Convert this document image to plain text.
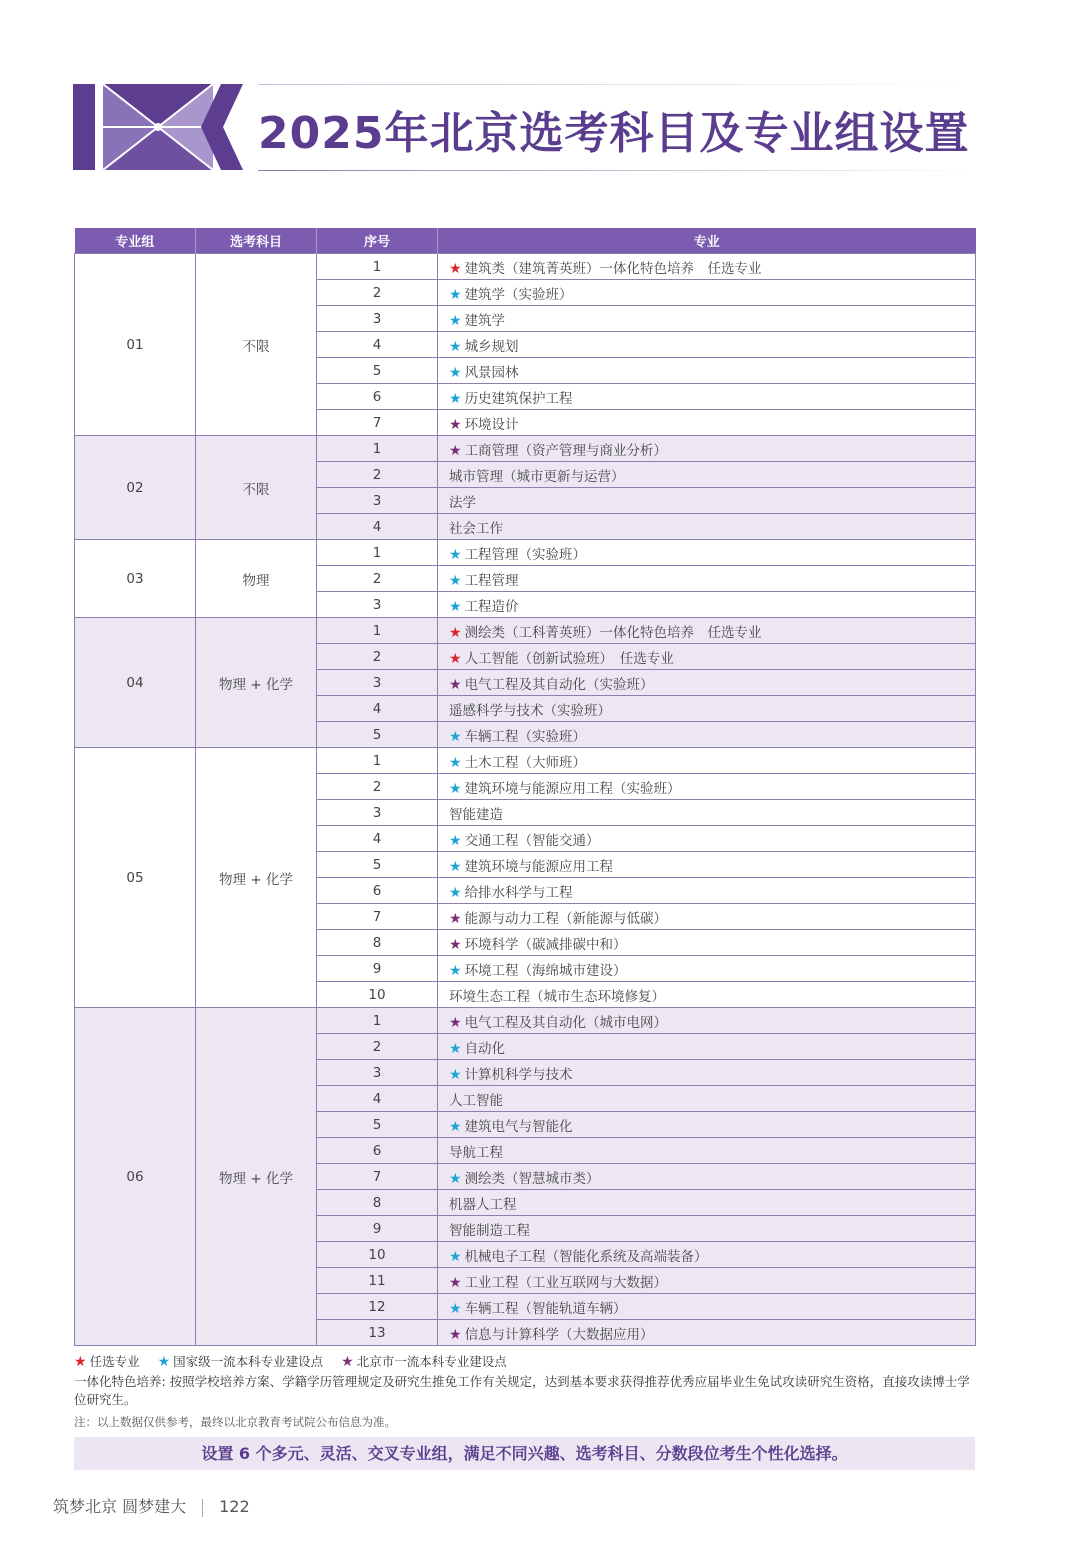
2025年北京选考科目及专业组设置
专业组	选考科目	序号	专业
01	不限	1	★ 建筑类（建筑菁英班）一体化特色培养　任选专业
		2	★ 建筑学（实验班）
		3	★ 建筑学
		4	★ 城乡规划
		5	★ 风景园林
		6	★ 历史建筑保护工程
		7	★ 环境设计
02	不限	1	★ 工商管理（资产管理与商业分析）
		2	城市管理（城市更新与运营）
		3	法学
		4	社会工作
03	物理	1	★ 工程管理（实验班）
		2	★ 工程管理
		3	★ 工程造价
04	物理 + 化学	1	★ 测绘类（工科菁英班）一体化特色培养　任选专业
		2	★ 人工智能（创新试验班）　任选专业
		3	★ 电气工程及其自动化（实验班）
		4	遥感科学与技术（实验班）
		5	★ 车辆工程（实验班）
05	物理 + 化学	1	★ 土木工程（大师班）
		2	★ 建筑环境与能源应用工程（实验班）
		3	智能建造
		4	★ 交通工程（智能交通）
		5	★ 建筑环境与能源应用工程
		6	★ 给排水科学与工程
		7	★ 能源与动力工程（新能源与低碳）
		8	★ 环境科学（碳减排碳中和）
		9	★ 环境工程（海绵城市建设）
		10	环境生态工程（城市生态环境修复）
06	物理 + 化学	1	★ 电气工程及其自动化（城市电网）
		2	★ 自动化
		3	★ 计算机科学与技术
		4	人工智能
		5	★ 建筑电气与智能化
		6	导航工程
		7	★ 测绘类（智慧城市类）
		8	机器人工程
		9	智能制造工程
		10	★ 机械电子工程（智能化系统及高端装备）
		11	★ 工业工程（工业互联网与大数据）
		12	★ 车辆工程（智能轨道车辆）
		13	★ 信息与计算科学（大数据应用）
★ 任选专业 ★ 国家级一流本科专业建设点 ★ 北京市一流本科专业建设点
一体化特色培养: 按照学校培养方案、学籍学历管理规定及研究生推免工作有关规定，达到基本要求获得推荐优秀应届毕业生免试攻读研究生资格，直接攻读博士学位研究生。
注：以上数据仅供参考，最终以北京教育考试院公布信息为准。
设置 6 个多元、灵活、交叉专业组，满足不同兴趣、选考科目、分数段位考生个性化选择。
筑梦北京 圆梦建大 122
